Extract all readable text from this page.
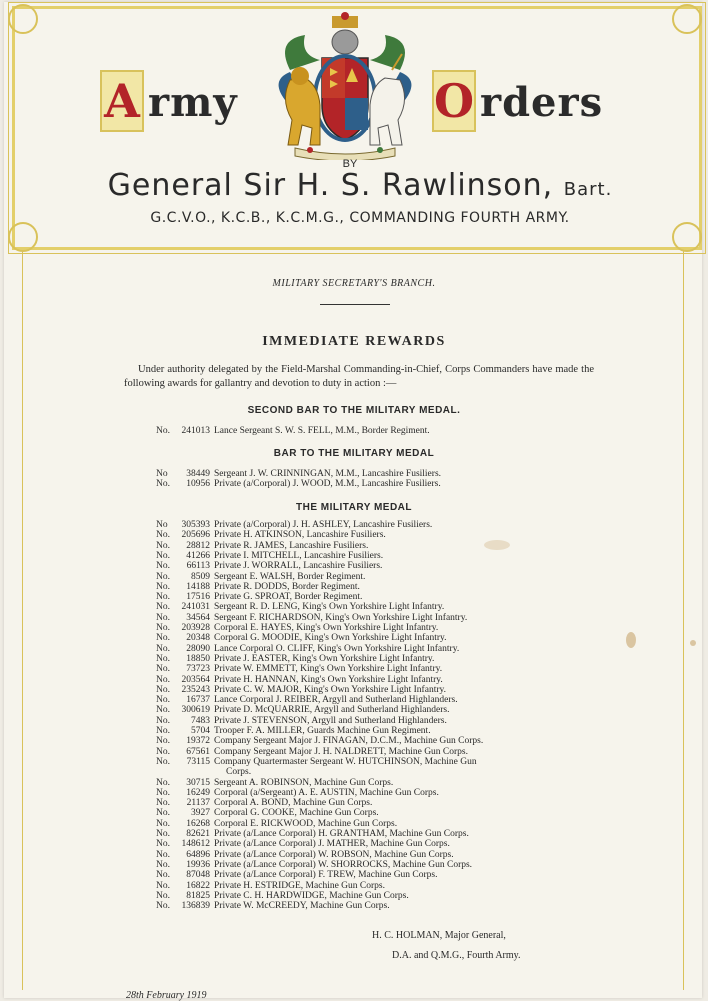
A rmy	O rders
BY
General Sir H. S. Rawlinson, Bart.
G.C.V.O., K.C.B., K.C.M.G., COMMANDING FOURTH ARMY.
MILITARY SECRETARY'S BRANCH.
IMMEDIATE REWARDS
Under authority delegated by the Field-Marshal Commanding-in-Chief, Corps Commanders have made the following awards for gallantry and devotion to duty in action :—
SECOND BAR TO THE MILITARY MEDAL.
BAR TO THE MILITARY MEDAL
THE MILITARY MEDAL
No. 241013 Lance Sergeant S. W. S. FELL, M.M., Border Regiment.
No 38449 Sergeant J. W. CRINNINGAN, M.M., Lancashire Fusiliers.
No. 10956 Private (a/Corporal) J. WOOD, M.M., Lancashire Fusiliers.
No 305393 Private (a/Corporal) J. H. ASHLEY, Lancashire Fusiliers.
No. 205696 Private H. ATKINSON, Lancashire Fusiliers.
No. 28812 Private R. JAMES, Lancashire Fusiliers.
No. 41266 Private I. MITCHELL, Lancashire Fusiliers.
No. 66113 Private J. WORRALL, Lancashire Fusiliers.
No. 8509 Sergeant E. WALSH, Border Regiment.
No. 14188 Private R. DODDS, Border Regiment.
No. 17516 Private G. SPROAT, Border Regiment.
No. 241031 Sergeant R. D. LENG, King's Own Yorkshire Light Infantry.
No. 34564 Sergeant F. RICHARDSON, King's Own Yorkshire Light Infantry.
No. 203928 Corporal E. HAYES, King's Own Yorkshire Light Infantry.
No. 20348 Corporal G. MOODIE, King's Own Yorkshire Light Infantry.
No. 28090 Lance Corporal O. CLIFF, King's Own Yorkshire Light Infantry.
No. 18850 Private J. EASTER, King's Own Yorkshire Light Infantry.
No. 73723 Private W. EMMETT, King's Own Yorkshire Light Infantry.
No. 203564 Private H. HANNAN, King's Own Yorkshire Light Infantry.
No. 235243 Private C. W. MAJOR, King's Own Yorkshire Light Infantry.
No. 16737 Lance Corporal J. REIBER, Argyll and Sutherland Highlanders.
No. 300619 Private D. McQUARRIE, Argyll and Sutherland Highlanders.
No. 7483 Private J. STEVENSON, Argyll and Sutherland Highlanders.
No. 5704 Trooper F. A. MILLER, Guards Machine Gun Regiment.
No. 19372 Company Sergeant Major J. FINAGAN, D.C.M., Machine Gun Corps.
No. 67561 Company Sergeant Major J. H. NALDRETT, Machine Gun Corps.
No. 73115 Company Quartermaster Sergeant W. HUTCHINSON, Machine Gun
Corps.
No. 30715 Sergeant A. ROBINSON, Machine Gun Corps.
No. 16249 Corporal (a/Sergeant) A. E. AUSTIN, Machine Gun Corps.
No. 21137 Corporal A. BOND, Machine Gun Corps.
No. 3927 Corporal G. COOKE, Machine Gun Corps.
No. 16268 Corporal E. RICKWOOD, Machine Gun Corps.
No. 82621 Private (a/Lance Corporal) H. GRANTHAM, Machine Gun Corps.
No. 148612 Private (a/Lance Corporal) J. MATHER, Machine Gun Corps.
No. 64896 Private (a/Lance Corporal) W. ROBSON, Machine Gun Corps.
No. 19936 Private (a/Lance Corporal) W. SHORROCKS, Machine Gun Corps.
No. 87048 Private (a/Lance Corporal) F. TREW, Machine Gun Corps.
No. 16822 Private H. ESTRIDGE, Machine Gun Corps.
No. 81825 Private C. H. HARDWIDGE, Machine Gun Corps.
No. 136839 Private W. McCREEDY, Machine Gun Corps.
H. C. HOLMAN, Major General,
D.A. and Q.M.G., Fourth Army.
28th February 1919
